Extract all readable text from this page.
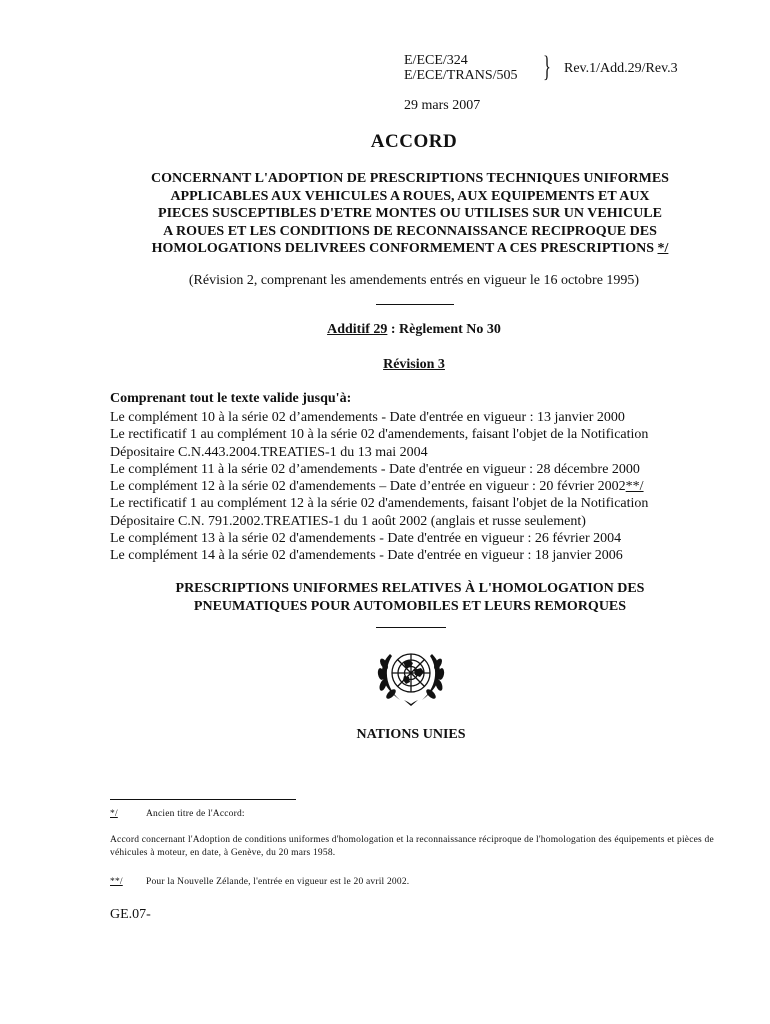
E/ECE/324
E/ECE/TRANS/505 } Rev.1/Add.29/Rev.3
29 mars 2007
ACCORD
CONCERNANT L'ADOPTION DE PRESCRIPTIONS TECHNIQUES UNIFORMES
APPLICABLES AUX VEHICULES A ROUES, AUX EQUIPEMENTS ET AUX
PIECES SUSCEPTIBLES D'ETRE MONTES OU UTILISES SUR UN VEHICULE
A ROUES ET LES CONDITIONS DE RECONNAISSANCE RECIPROQUE DES
HOMOLOGATIONS DELIVREES CONFORMEMENT A CES PRESCRIPTIONS */
(Révision 2, comprenant les amendements entrés en vigueur le 16 octobre 1995)
Additif 29 : Règlement No 30
Révision 3
Comprenant tout le texte valide jusqu'à:
Le complément 10 à la série 02 d’amendements - Date d'entrée en vigueur : 13 janvier 2000
Le rectificatif 1 au complément 10 à la série 02 d'amendements, faisant l'objet de la Notification
Dépositaire C.N.443.2004.TREATIES-1 du 13 mai 2004
Le complément 11 à la série 02 d’amendements - Date d'entrée en vigueur : 28 décembre 2000
Le complément 12 à la série 02 d'amendements – Date d’entrée en vigueur : 20 février 2002**/
Le rectificatif 1 au complément 12 à la série 02 d'amendements, faisant l'objet de la Notification
Dépositaire C.N. 791.2002.TREATIES-1 du 1 août 2002 (anglais et russe seulement)
Le complément 13 à la série 02 d'amendements - Date d'entrée en vigueur : 26 février 2004
Le complément 14 à la série 02 d'amendements - Date d'entrée en vigueur : 18 janvier 2006
PRESCRIPTIONS UNIFORMES RELATIVES À L'HOMOLOGATION DES
PNEUMATIQUES POUR AUTOMOBILES ET LEURS REMORQUES
NATIONS UNIES
*/	Ancien titre de l'Accord:
Accord concernant l'Adoption de conditions uniformes d'homologation et la reconnaissance réciproque de l'homologation des équipements et pièces de véhicules à moteur, en date, à Genève, du 20 mars 1958.
**/ Pour la Nouvelle Zélande, l'entrée en vigueur est le 20 avril 2002.
GE.07-
